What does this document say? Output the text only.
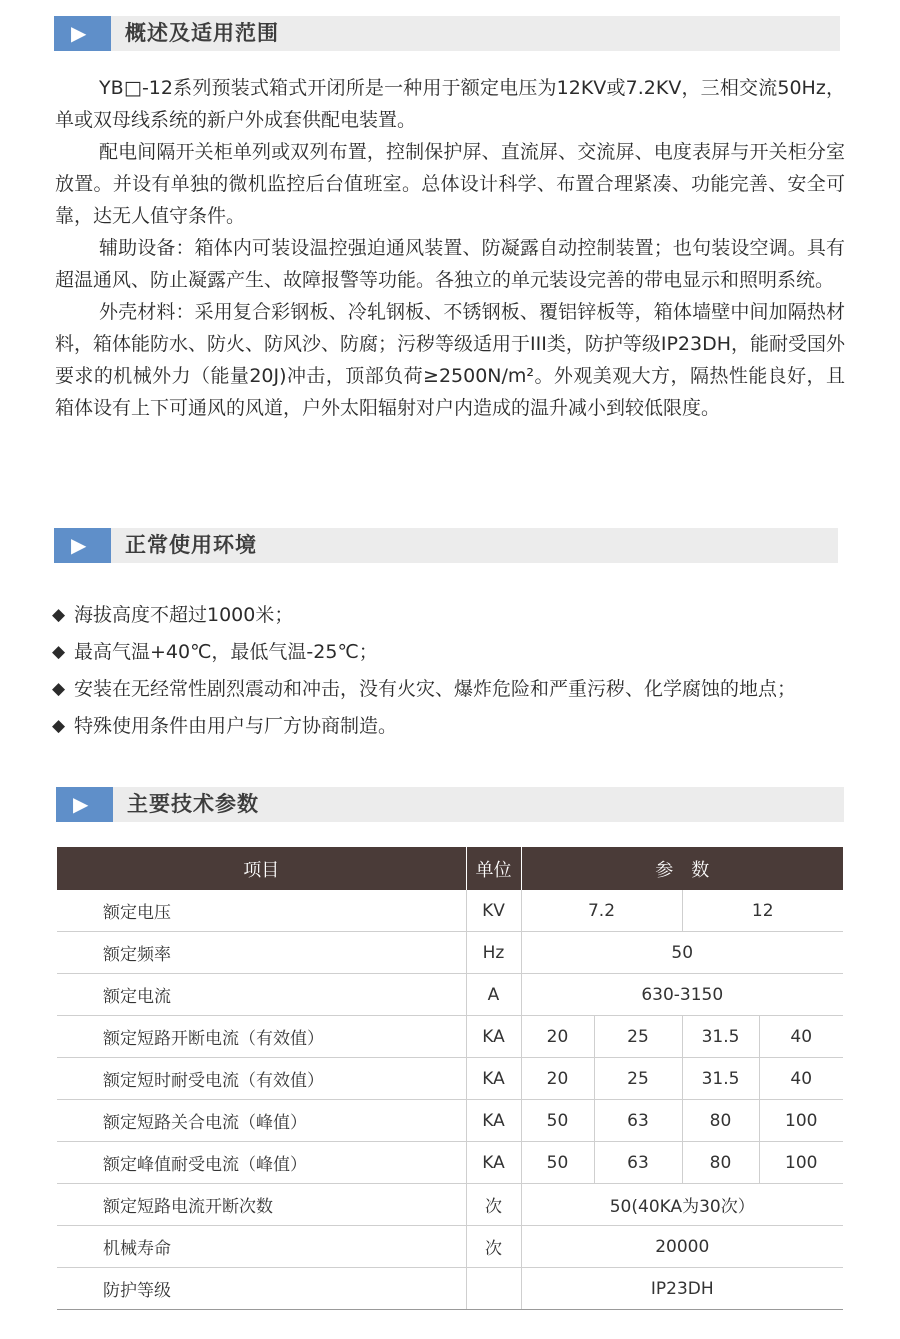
▶ 概述及适用范围

YB□-12系列预装式箱式开闭所是一种用于额定电压为12KV或7.2KV，三相交流50Hz，单或双母线系统的新户外成套供配电装置。

配电间隔开关柜单列或双列布置，控制保护屏、直流屏、交流屏、电度表屏与开关柜分室放置。并设有单独的微机监控后台值班室。总体设计科学、布置合理紧凑、功能完善、安全可靠，达无人值守条件。

辅助设备：箱体内可装设温控强迫通风装置、防凝露自动控制装置；也句装设空调。具有超温通风、防止凝露产生、故障报警等功能。各独立的单元装设完善的带电显示和照明系统。

外壳材料：采用复合彩钢板、冷轧钢板、不锈钢板、覆铝锌板等，箱体墙壁中间加隔热材料，箱体能防水、防火、防风沙、防腐；污秽等级适用于III类，防护等级IP23DH，能耐受国外要求的机械外力（能量20J)冲击，顶部负荷≥2500N/m²。外观美观大方，隔热性能良好，且箱体设有上下可通风的风道，户外太阳辐射对户内造成的温升减小到较低限度。

▶ 正常使用环境
◆ 海拔高度不超过1000米；
◆ 最高气温+40℃，最低气温-25℃；
◆ 安装在无经常性剧烈震动和冲击，没有火灾、爆炸危险和严重污秽、化学腐蚀的地点；
◆ 特殊使用条件由用户与厂方协商制造。
▶ 主要技术参数
项目	单位	参　数			
额定电压	KV	7.2		12	
额定频率	Hz	50			
额定电流	A	630-3150			
额定短路开断电流（有效值）	KA	20	25	31.5	40
额定短时耐受电流（有效值）	KA	20	25	31.5	40
额定短路关合电流（峰值）	KA	50	63	80	100
额定峰值耐受电流（峰值）	KA	50	63	80	100
额定短路电流开断次数	次	50(40KA为30次）			
机械寿命	次	20000			
防护等级		IP23DH			
